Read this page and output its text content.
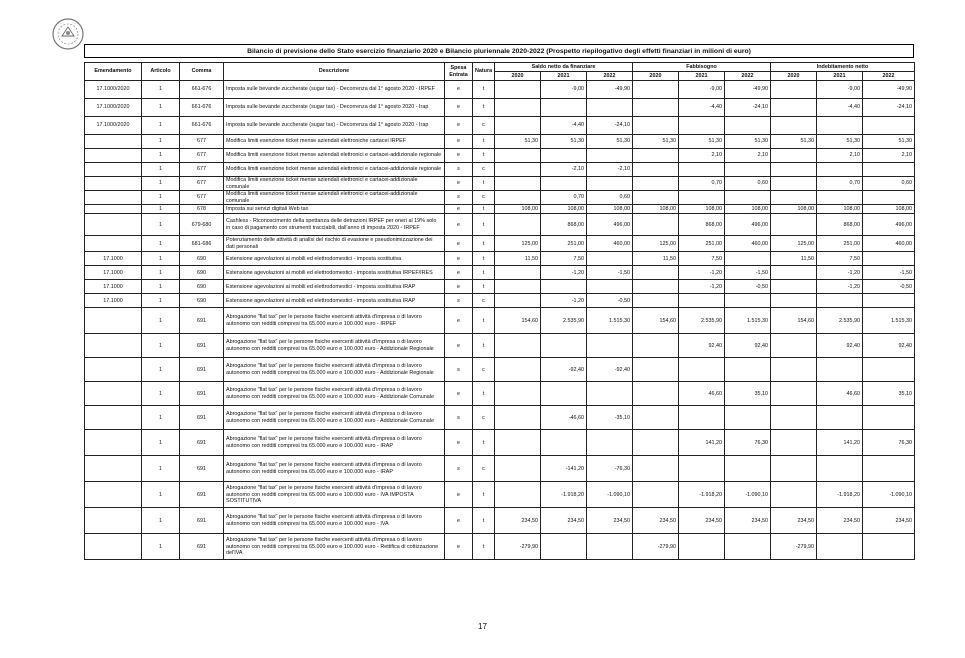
Bilancio di previsione dello Stato esercizio finanziario 2020 e Bilancio pluriennale 2020-2022 (Prospetto riepilogativo degli effetti finanziari in milioni di euro)
Emendamento	Articolo	Comma	Descrizione	Spesa Entrata	Natura	Saldo netto da finanziare			Fabbisogno			Indebitamento netto		
						2020	2021	2022	2020	2021	2022	2020	2021	2022
17.1000/2020	1	661-676	Imposta sulle bevande zuccherate (sugar tax) - Decorrenza dal 1° agosto 2020 - IRPEF	e	t		-9,00	-49,90		-9,00	-49,90		-9,00	-49,90
17.1000/2020	1	661-676	Imposta sulle bevande zuccherate (sugar tax) - Decorrenza dal 1° agosto 2020 - Irap	e	t					-4,40	-24,10		-4,40	-24,10
17.1000/2020	1	661-676	Imposta sulle bevande zuccherate (sugar tax) - Decorrenza dal 1° agosto 2020 - Irap	e	c		-4,40	-24,10						
	1	677	Modifica limiti esenzione ticket mense aziendali elettroniche cartacei IRPEF	e	t	51,30	51,30	51,30	51,30	51,30	51,30	51,30	51,30	51,30
	1	677	Modifica limiti esenzione ticket mense aziendali elettronici e cartacei-addizionale regionale	e	t					2,10	2,10		2,10	2,10
	1	677	Modifica limiti esenzione ticket mense aziendali elettronici e cartacei-addizionale regionale	s	c		-2,10	-2,10						
	1	677	Modifica limiti esenzione ticket mense aziendali elettronici e cartacei-addizionale comunale	e	t					0,70	0,60		0,70	0,60
	1	677	Modifica limiti esenzione ticket mense aziendali elettronici e cartacei-addizionale comunale	s	c		0,70	0,60						
	1	678	Imposta sui servizi digitali Web tax	e	t	108,00	108,00	108,00	108,00	108,00	108,00	108,00	108,00	108,00
	1	679-680	Cashless - Riconoscimento della spettanza delle detrazioni IRPEF per oneri al 19% solo in caso di pagamento con strumenti tracciabili, dall'anno di imposta 2020 - IRPEF	e	t		868,00	496,00		868,00	496,00		868,00	496,00
	1	681-686	Potenziamento delle attività di analisi del rischio di evasione e pseudonimizzazione dei dati personali	e	t	125,00	251,00	460,00	125,00	251,00	460,00	125,00	251,00	460,00
17.1000	1	690	Estensione agevolazioni ai mobili ed elettrodomestici - imposta sostitutiva	e	t	11,50	7,50		11,50	7,50		11,50	7,50	
17.1000	1	690	Estensione agevolazioni ai mobili ed elettrodomestici - imposta sostitutiva IRPEF/IRES	e	t		-1,20	-1,50		-1,20	-1,50		-1,20	-1,50
17.1000	1	690	Estensione agevolazioni ai mobili ed elettrodomestici - imposta sostitutiva IRAP	e	t					-1,20	-0,50		-1,20	-0,50
17.1000	1	690	Estensione agevolazioni ai mobili ed elettrodomestici - imposta sostitutiva IRAP	s	c		-1,20	-0,50						
	1	691	Abrogazione "flat tax" per le persone fisiche esercenti attività d'impresa o di lavoro autonomo con redditi compresi tra 65.000 euro e 100.000 euro - IRPEF	e	t	154,60	2.535,90	1.515,30	154,60	2.535,90	1.515,30	154,60	2.535,90	1.515,30
	1	691	Abrogazione "flat tax" per le persone fisiche esercenti attività d'impresa o di lavoro autonomo con redditi compresi tra 65.000 euro e 100.000 euro - Addizionale Regionale	e	t					92,40	92,40		92,40	92,40
	1	691	Abrogazione "flat tax" per le persone fisiche esercenti attività d'impresa o di lavoro autonomo con redditi compresi tra 65.000 euro e 100.000 euro - Addizionale Regionale	s	c		-92,40	-92,40						
	1	691	Abrogazione "flat tax" per le persone fisiche esercenti attività d'impresa o di lavoro autonomo con redditi compresi tra 65.000 euro e 100.000 euro - Addizionale Comunale	e	t					46,60	35,10		46,60	35,10
	1	691	Abrogazione "flat tax" per le persone fisiche esercenti attività d'impresa o di lavoro autonomo con redditi compresi tra 65.000 euro e 100.000 euro - Addizionale Comunale	s	c		-46,60	-35,10						
	1	691	Abrogazione "flat tax" per le persone fisiche esercenti attività d'impresa o di lavoro autonomo con redditi compresi tra 65.000 euro e 100.000 euro - IRAP	e	t					141,20	76,30		141,20	76,30
	1	691	Abrogazione "flat tax" per le persone fisiche esercenti attività d'impresa o di lavoro autonomo con redditi compresi tra 65.000 euro e 100.000 euro - IRAP	s	c		-141,20	-76,30						
	1	691	Abrogazione "flat tax" per le persone fisiche esercenti attività d'impresa o di lavoro autonomo con redditi compresi tra 65.000 euro e 100.000 euro - IVA IMPOSTA SOSTITUTIVA	e	t		-1.918,20	-1.090,10		-1.918,20	-1.090,10		-1.918,20	-1.090,10
	1	691	Abrogazione "flat tax" per le persone fisiche esercenti attività d'impresa o di lavoro autonomo con redditi compresi tra 65.000 euro e 100.000 euro - IVA	e	t	234,50	234,50	234,50	234,50	234,50	234,50	234,50	234,50	234,50
	1	691	Abrogazione "flat tax" per le persone fisiche esercenti attività d'impresa o di lavoro autonomo con redditi compresi tra 65.000 euro e 100.000 euro - Rettifica di cottizzazione del'IVA	e	t	-279,90			-279,90			-279,90		
17
